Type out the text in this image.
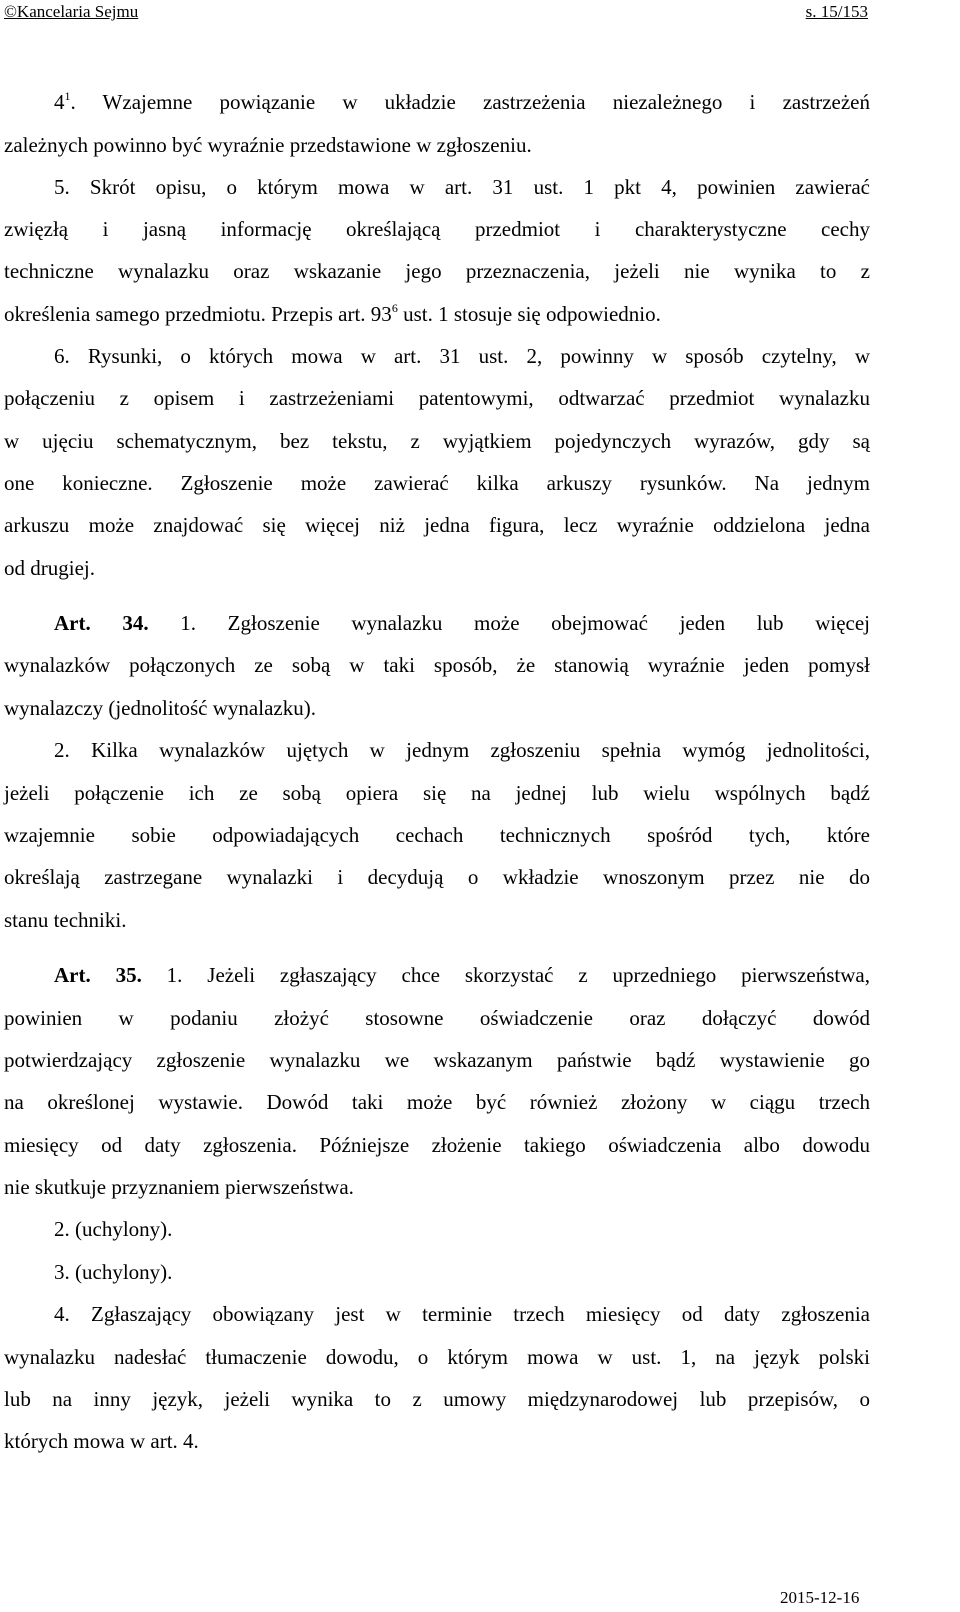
©Kancelaria Sejmu	s. 15/153
$4^1$. Wzajemne powiązanie w układzie zastrzeżenia niezależnego i zastrzeżeń
zależnych powinno być wyraźnie przedstawione w zgłoszeniu.
5. Skrót opisu, o którym mowa w art. 31 ust. 1 pkt 4, powinien zawierać
zwięzłą i jasną informację określającą przedmiot i charakterystyczne cechy
techniczne wynalazku oraz wskazanie jego przeznaczenia, jeżeli nie wynika to z
określenia samego przedmiotu. Przepis art. $93^6$ ust. 1 stosuje się odpowiednio.
6. Rysunki, o których mowa w art. 31 ust. 2, powinny w sposób czytelny, w
połączeniu z opisem i zastrzeżeniami patentowymi, odtwarzać przedmiot wynalazku
w ujęciu schematycznym, bez tekstu, z wyjątkiem pojedynczych wyrazów, gdy są
one konieczne. Zgłoszenie może zawierać kilka arkuszy rysunków. Na jednym
arkuszu może znajdować się więcej niż jedna figura, lecz wyraźnie oddzielona jedna
od drugiej.
Art. 34. 1. Zgłoszenie wynalazku może obejmować jeden lub więcej
wynalazków połączonych ze sobą w taki sposób, że stanowią wyraźnie jeden pomysł
wynalazczy (jednolitość wynalazku).
2. Kilka wynalazków ujętych w jednym zgłoszeniu spełnia wymóg jednolitości,
jeżeli połączenie ich ze sobą opiera się na jednej lub wielu wspólnych bądź
wzajemnie sobie odpowiadających cechach technicznych spośród tych, które
określają zastrzegane wynalazki i decydują o wkładzie wnoszonym przez nie do
stanu techniki.
Art. 35. 1. Jeżeli zgłaszający chce skorzystać z uprzedniego pierwszeństwa,
powinien w podaniu złożyć stosowne oświadczenie oraz dołączyć dowód
potwierdzający zgłoszenie wynalazku we wskazanym państwie bądź wystawienie go
na określonej wystawie. Dowód taki może być również złożony w ciągu trzech
miesięcy od daty zgłoszenia. Późniejsze złożenie takiego oświadczenia albo dowodu
nie skutkuje przyznaniem pierwszeństwa.
2. (uchylony).
3. (uchylony).
4. Zgłaszający obowiązany jest w terminie trzech miesięcy od daty zgłoszenia
wynalazku nadesłać tłumaczenie dowodu, o którym mowa w ust. 1, na język polski
lub na inny język, jeżeli wynika to z umowy międzynarodowej lub przepisów, o
których mowa w art. 4.
2015-12-16
